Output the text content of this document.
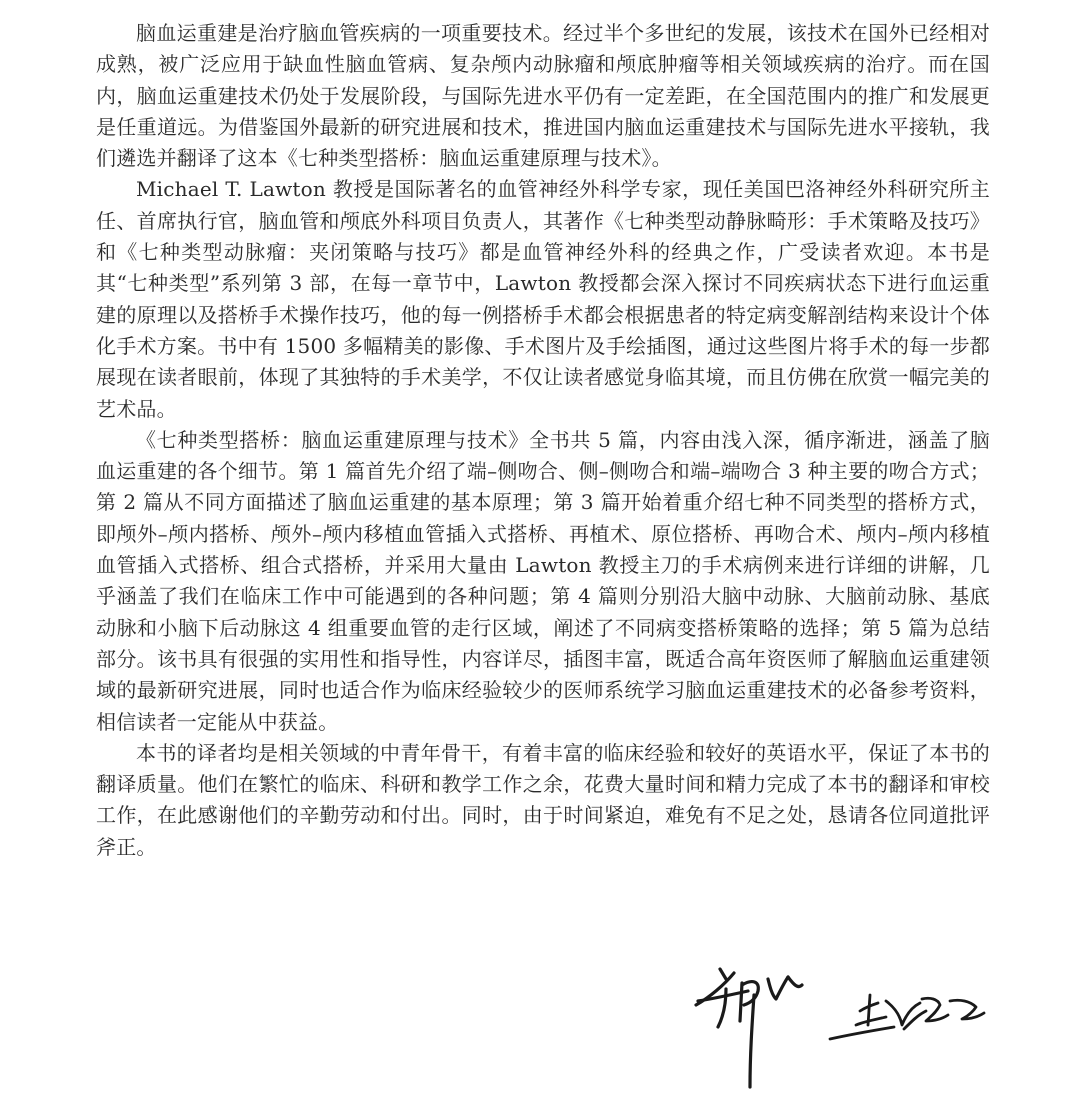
脑血运重建是治疗脑血管疾病的一项重要技术。经过半个多世纪的发展，该技术在国外已经相对成熟，被广泛应用于缺血性脑血管病、复杂颅内动脉瘤和颅底肿瘤等相关领域疾病的治疗。而在国内，脑血运重建技术仍处于发展阶段，与国际先进水平仍有一定差距，在全国范围内的推广和发展更是任重道远。为借鉴国外最新的研究进展和技术，推进国内脑血运重建技术与国际先进水平接轨，我们遴选并翻译了这本《七种类型搭桥：脑血运重建原理与技术》。

Michael T. Lawton 教授是国际著名的血管神经外科学专家，现任美国巴洛神经外科研究所主任、首席执行官，脑血管和颅底外科项目负责人，其著作《七种类型动静脉畸形：手术策略及技巧》和《七种类型动脉瘤：夹闭策略与技巧》都是血管神经外科的经典之作，广受读者欢迎。本书是其“七种类型”系列第 3 部，在每一章节中，Lawton 教授都会深入探讨不同疾病状态下进行血运重建的原理以及搭桥手术操作技巧，他的每一例搭桥手术都会根据患者的特定病变解剖结构来设计个体化手术方案。书中有 1500 多幅精美的影像、手术图片及手绘插图，通过这些图片将手术的每一步都展现在读者眼前，体现了其独特的手术美学，不仅让读者感觉身临其境，而且仿佛在欣赏一幅完美的艺术品。

《七种类型搭桥：脑血运重建原理与技术》全书共 5 篇，内容由浅入深，循序渐进，涵盖了脑血运重建的各个细节。第 1 篇首先介绍了端–侧吻合、侧–侧吻合和端–端吻合 3 种主要的吻合方式；第 2 篇从不同方面描述了脑血运重建的基本原理；第 3 篇开始着重介绍七种不同类型的搭桥方式，即颅外–颅内搭桥、颅外–颅内移植血管插入式搭桥、再植术、原位搭桥、再吻合术、颅内–颅内移植血管插入式搭桥、组合式搭桥，并采用大量由 Lawton 教授主刀的手术病例来进行详细的讲解，几乎涵盖了我们在临床工作中可能遇到的各种问题；第 4 篇则分别沿大脑中动脉、大脑前动脉、基底动脉和小脑下后动脉这 4 组重要血管的走行区域，阐述了不同病变搭桥策略的选择；第 5 篇为总结部分。该书具有很强的实用性和指导性，内容详尽，插图丰富，既适合高年资医师了解脑血运重建领域的最新研究进展，同时也适合作为临床经验较少的医师系统学习脑血运重建技术的必备参考资料，相信读者一定能从中获益。

本书的译者均是相关领域的中青年骨干，有着丰富的临床经验和较好的英语水平，保证了本书的翻译质量。他们在繁忙的临床、科研和教学工作之余，花费大量时间和精力完成了本书的翻译和审校工作，在此感谢他们的辛勤劳动和付出。同时，由于时间紧迫，难免有不足之处，恳请各位同道批评斧正。
